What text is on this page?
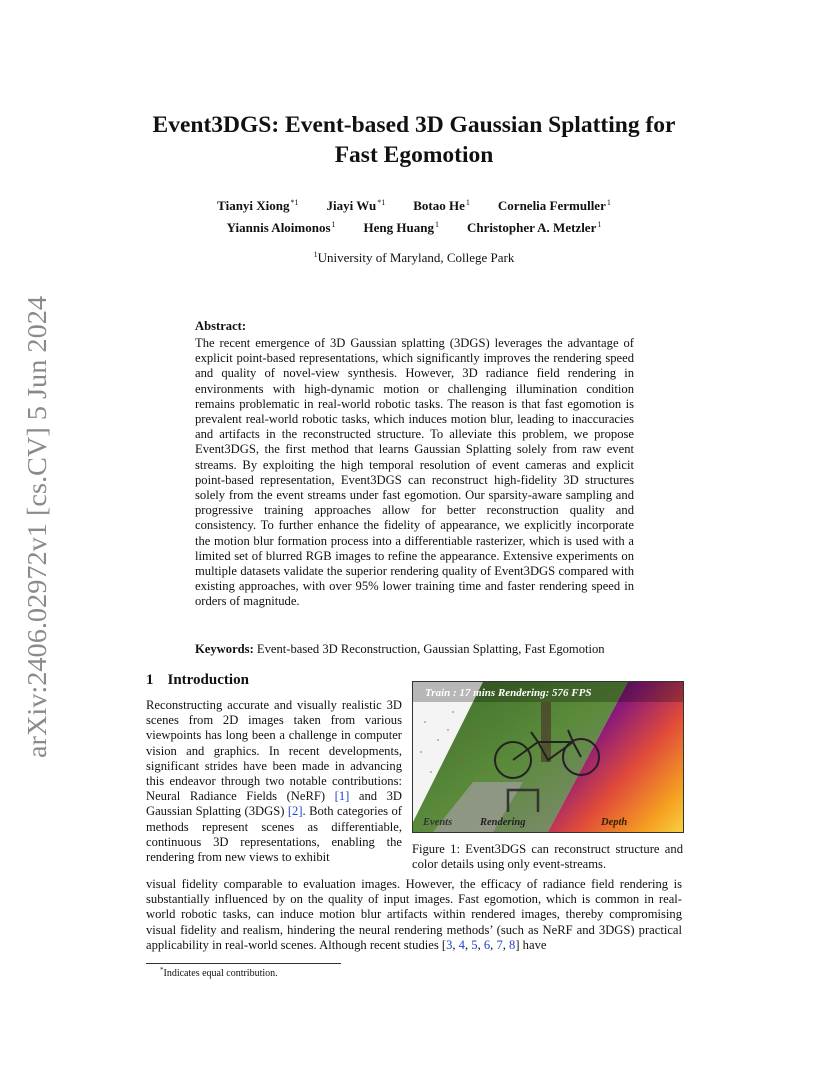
arXiv:2406.02972v1 [cs.CV] 5 Jun 2024
Event3DGS: Event-based 3D Gaussian Splatting for
Fast Egomotion
Tianyi Xiong$^{*1}$ Jiayi Wu$^{*1}$ Botao He$^1$ Cornelia Fermuller$^1$
Yiannis Aloimonos$^1$ Heng Huang$^1$ Christopher A. Metzler$^1$
$^1$University of Maryland, College Park
Abstract:
The recent emergence of 3D Gaussian splatting (3DGS) leverages the advantage of explicit point-based representations, which significantly improves the rendering speed and quality of novel-view synthesis. However, 3D radiance field rendering in environments with high-dynamic motion or challenging illumination condition remains problematic in real-world robotic tasks. The reason is that fast egomotion is prevalent real-world robotic tasks, which induces motion blur, leading to inaccuracies and artifacts in the reconstructed structure. To alleviate this problem, we propose Event3DGS, the first method that learns Gaussian Splatting solely from raw event streams. By exploiting the high temporal resolution of event cameras and explicit point-based representation, Event3DGS can reconstruct high-fidelity 3D structures solely from the event streams under fast egomotion. Our sparsity-aware sampling and progressive training approaches allow for better reconstruction quality and consistency. To further enhance the fidelity of appearance, we explicitly incorporate the motion blur formation process into a differentiable rasterizer, which is used with a limited set of blurred RGB images to refine the appearance. Extensive experiments on multiple datasets validate the superior rendering quality of Event3DGS compared with existing approaches, with over 95% lower training time and faster rendering speed in orders of magnitude.
Keywords: Event-based 3D Reconstruction, Gaussian Splatting, Fast Egomotion
1 Introduction
Reconstructing accurate and visually realistic 3D scenes from 2D images taken from various viewpoints has long been a challenge in computer vision and graphics. In recent developments, significant strides have been made in advancing this endeavor through two notable contributions: Neural Radiance Fields (NeRF) [1] and 3D Gaussian Splatting (3DGS) [2]. Both categories of methods represent scenes as differentiable, continuous 3D representations, enabling the rendering from new views to exhibit
visual fidelity comparable to evaluation images. However, the efficacy of radiance field rendering is substantially influenced by on the quality of input images. Fast egomotion, which is common in real-world robotic tasks, can induce motion blur artifacts within rendered images, thereby compromising visual fidelity and realism, hindering the neural rendering methods’ (such as NeRF and 3DGS) practical applicability in real-world scenes. Although recent studies [3, 4, 5, 6, 7, 8] have
Train : 17 mins Rendering: 576 FPS
Events	Rendering	Depth
Figure 1: Event3DGS can reconstruct structure and color details using only event-streams.
*Indicates equal contribution.
